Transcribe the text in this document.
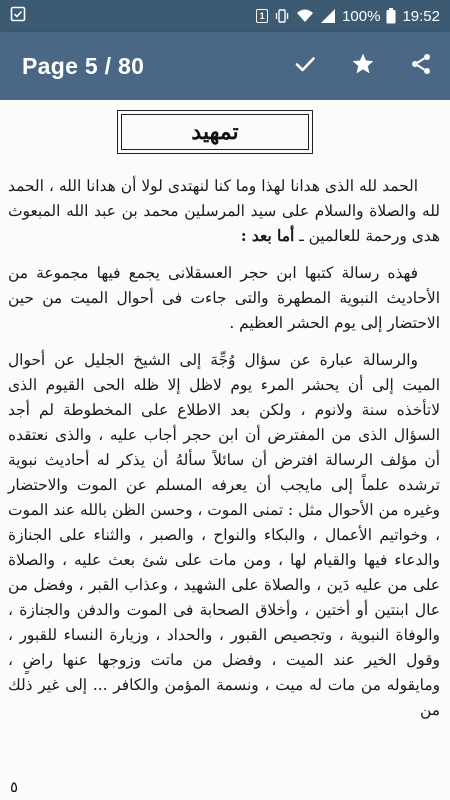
1	100% 19:52
Page 5 / 80
تمهيد

الحمد لله الذى هدانا لهذا وما كنا لنهتدى لولا أن هدانا الله ، الحمد لله والصلاة والسلام على سيد المرسلين محمد بن عبد الله المبعوث هدى ورحمة للعالمين ـ أما بعد :

فهذه رسالة كتبها ابن حجر العسقلانى يجمع فيها مجموعة من الأحاديث النبوية المطهرة والتى جاءت فى أحوال الميت من حين الاحتضار إلى يوم الحشر العظيم .

والرسالة عبارة عن سؤال وُجِّهَ إلى الشيخ الجليل عن أحوال الميت إلى أن يحشر المرء يوم لاظل إلا ظله الحى القيوم الذى لاتأخذه سنة ولانوم ، ولكن بعد الاطلاع على المخطوطة لم أجد السؤال الذى من المفترض أن ابن حجر أجاب عليه ، والذى نعتقده أن مؤلف الرسالة افترض أن سائلاً سألهُ أن يذكر له أحاديث نبوية ترشده علماً إلى مايجب أن يعرفه المسلم عن الموت والاحتضار وغيره من الأحوال مثل : تمنى الموت ، وحسن الظن بالله عند الموت ، وخواتيم الأعمال ، والبكاء والنواح ، والصبر ، والثناء على الجنازة والدعاء فيها والقيام لها ، ومن مات على شئ بعث عليه ، والصلاة على من عليه دَين ، والصلاة على الشهيد ، وعذاب القبر ، وفضل من عال ابنتين أو أختين ، وأخلاق الصحابة فى الموت والدفن والجنازة ، والوفاة النبوية ، وتجصيص القبور ، والحداد ، وزيارة النساء للقبور ، وقول الخير عند الميت ، وفضل من ماتت وزوجها عنها راضٍ ، ومايقوله من مات له ميت ، ونسمة المؤمن والكافر ... إلى غير ذلك من

٥
